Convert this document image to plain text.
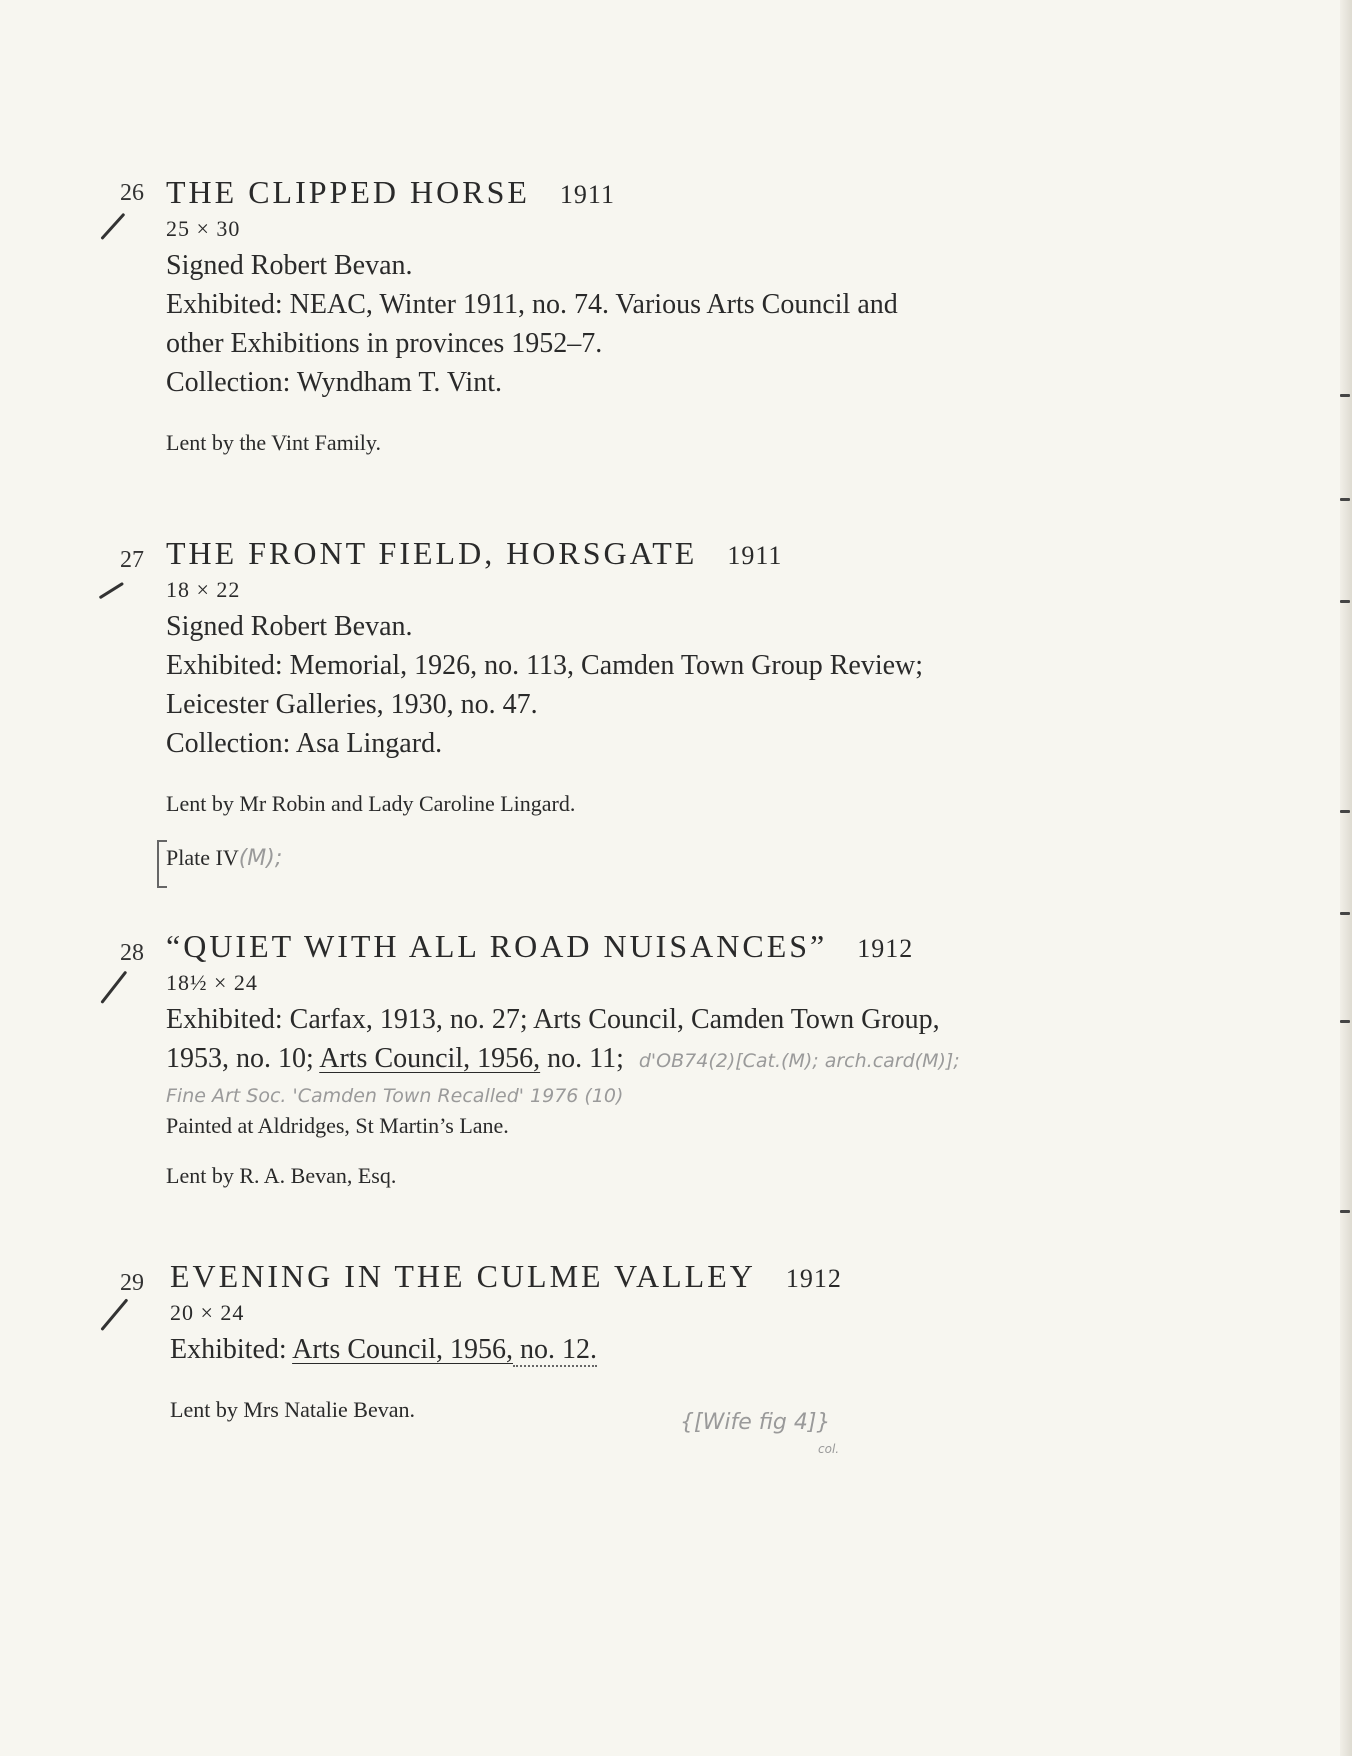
26 THE CLIPPED HORSE 1911
25 × 30
Signed Robert Bevan.
Exhibited: NEAC, Winter 1911, no. 74. Various Arts Council and
other Exhibitions in provinces 1952–7.
Collection: Wyndham T. Vint.
Lent by the Vint Family.
27 THE FRONT FIELD, HORSGATE 1911
18 × 22
Signed Robert Bevan.
Exhibited: Memorial, 1926, no. 113, Camden Town Group Review;
Leicester Galleries, 1930, no. 47.
Collection: Asa Lingard.
Lent by Mr Robin and Lady Caroline Lingard.
Plate IV(M);
28 “QUIET WITH ALL ROAD NUISANCES” 1912
18½ × 24
Exhibited: Carfax, 1913, no. 27; Arts Council, Camden Town Group,
1953, no. 10; Arts Council, 1956, no. 11; d'OB74(2)[Cat.(M); arch.card(M)];
Fine Art Soc. 'Camden Town Recalled' 1976 (10)
Painted at Aldridges, St Martin’s Lane.
Lent by R. A. Bevan, Esq.
29 EVENING IN THE CULME VALLEY 1912
20 × 24
Exhibited: Arts Council, 1956, no. 12.
Lent by Mrs Natalie Bevan.
{[Wife fig 4]}
col.
